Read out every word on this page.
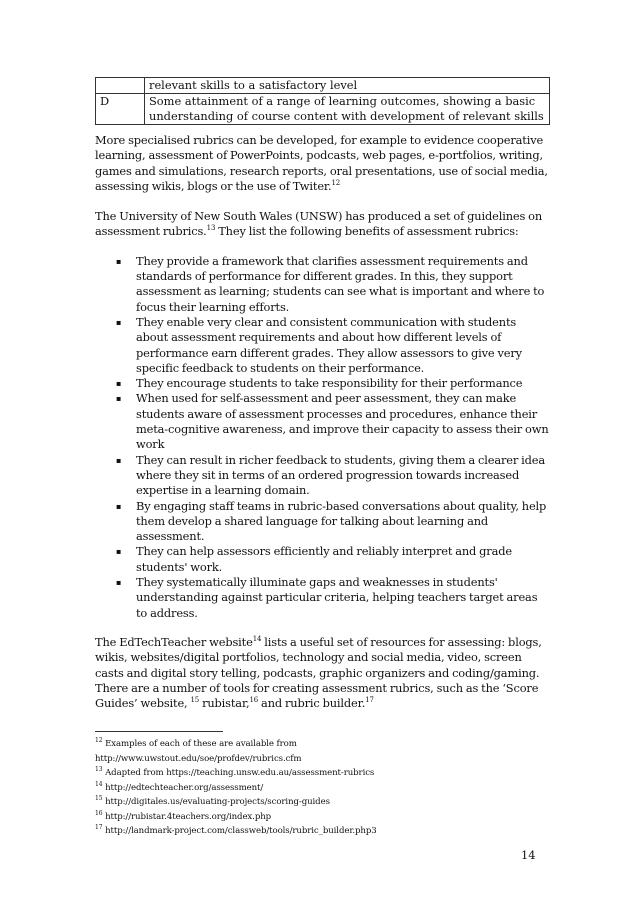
	relevant skills to a satisfactory level
D	Some attainment of a range of learning outcomes, showing a basic understanding of course content with development of relevant skills

More specialised rubrics can be developed, for example to evidence cooperative learning, assessment of PowerPoints, podcasts, web pages, e-portfolios, writing, games and simulations, research reports, oral presentations, use of social media, assessing wikis, blogs or the use of Twiter.$^{12}$

The University of New South Wales (UNSW) has produced a set of guidelines on assessment rubrics.$^{13}$ They list the following benefits of assessment rubrics:

▪ They provide a framework that clarifies assessment requirements and standards of performance for different grades. In this, they support assessment as learning; students can see what is important and where to focus their learning efforts.
▪ They enable very clear and consistent communication with students about assessment requirements and about how different levels of performance earn different grades. They allow assessors to give very specific feedback to students on their performance.
▪ They encourage students to take responsibility for their performance
▪ When used for self-assessment and peer assessment, they can make students aware of assessment processes and procedures, enhance their meta-cognitive awareness, and improve their capacity to assess their own work
▪ They can result in richer feedback to students, giving them a clearer idea where they sit in terms of an ordered progression towards increased expertise in a learning domain.
▪ By engaging staff teams in rubric-based conversations about quality, help them develop a shared language for talking about learning and assessment.
▪ They can help assessors efficiently and reliably interpret and grade students' work.
▪ They systematically illuminate gaps and weaknesses in students' understanding against particular criteria, helping teachers target areas to address.

The EdTechTeacher website$^{14}$ lists a useful set of resources for assessing: blogs, wikis, websites/digital portfolios, technology and social media, video, screen casts and digital story telling, podcasts, graphic organizers and coding/gaming. There are a number of tools for creating assessment rubrics, such as the ‘Score Guides’ website, $^{15}$ rubistar,$^{16}$ and rubric builder.$^{17}$

$^{12}$ Examples of each of these are available from
http://www.uwstout.edu/soe/profdev/rubrics.cfm
$^{13}$ Adapted from https://teaching.unsw.edu.au/assessment-rubrics
$^{14}$ http://edtechteacher.org/assessment/
$^{15}$ http://digitales.us/evaluating-projects/scoring-guides
$^{16}$ http://rubistar.4teachers.org/index.php
$^{17}$ http://landmark-project.com/classweb/tools/rubric_builder.php3
14
